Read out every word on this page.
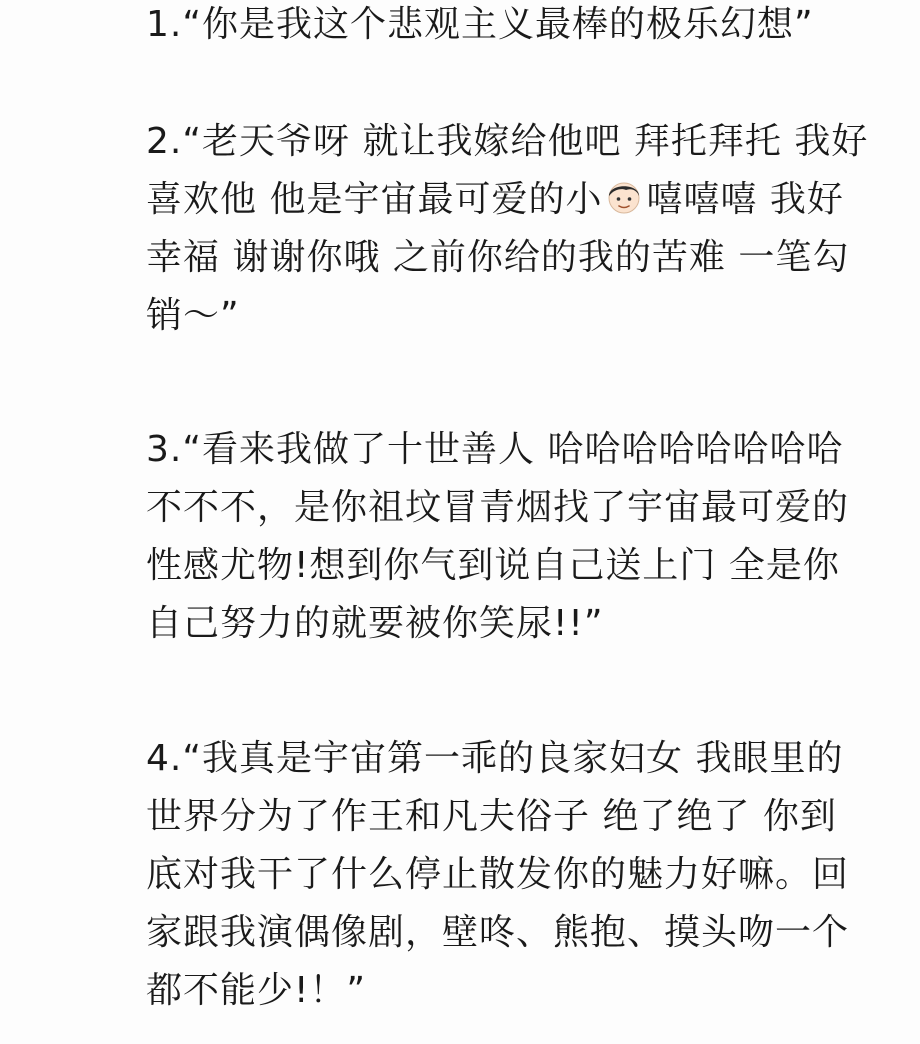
1.“你是我这个悲观主义最棒的极乐幻想”
2.“老天爷呀 就让我嫁给他吧 拜托拜托 我好
喜欢他 他是宇宙最可爱的小 嘻嘻嘻 我好
幸福 谢谢你哦 之前你给的我的苦难 一笔勾
销～”
3.“看来我做了十世善人 哈哈哈哈哈哈哈哈
不不不，是你祖坟冒青烟找了宇宙最可爱的
性感尤物!想到你气到说自己送上门 全是你
自己努力的就要被你笑尿!!”
4.“我真是宇宙第一乖的良家妇女 我眼里的
世界分为了作王和凡夫俗子 绝了绝了 你到
底对我干了什么停止散发你的魅力好嘛。回
家跟我演偶像剧，壁咚、熊抱、摸头吻一个
都不能少!！”
